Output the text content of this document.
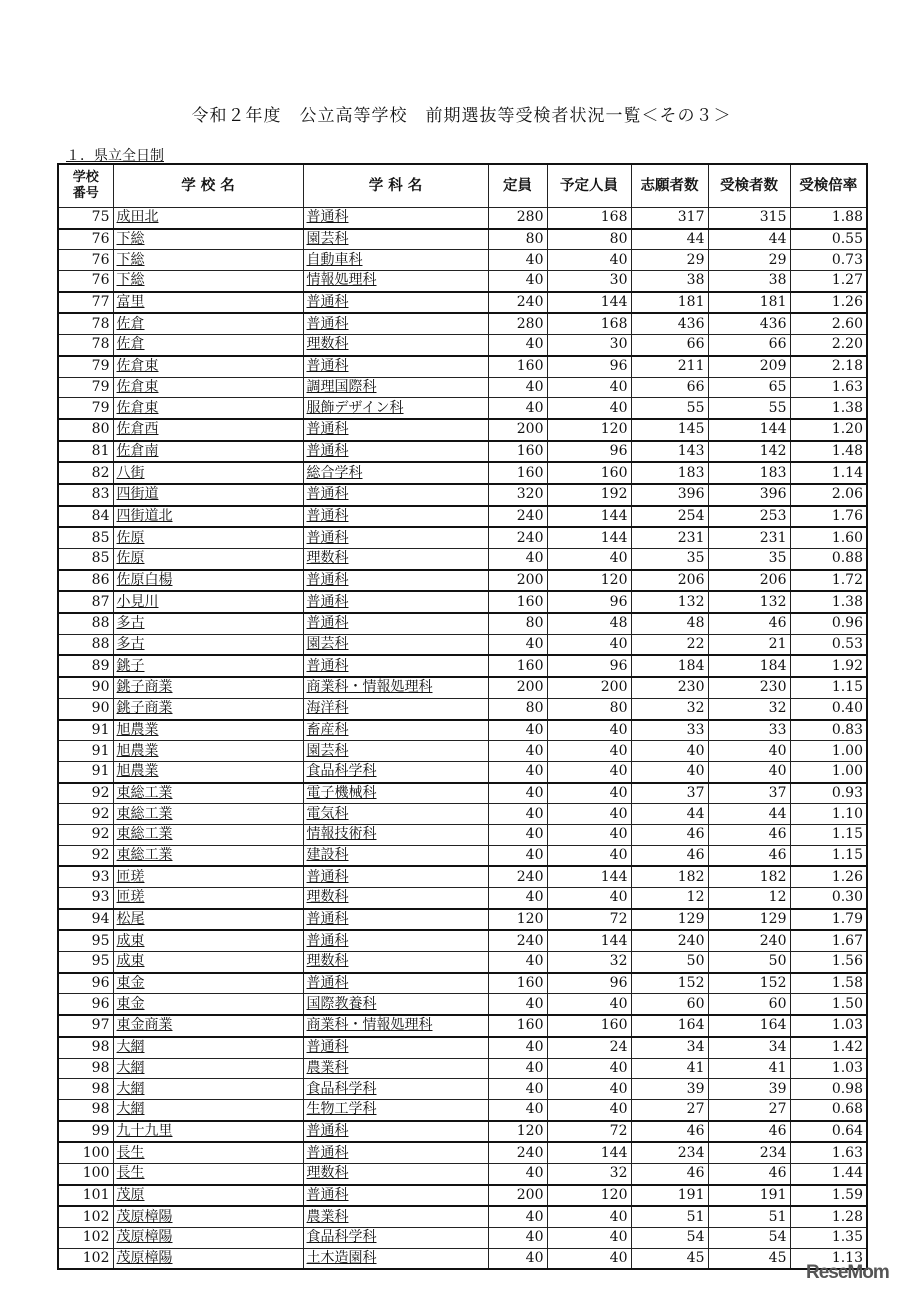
令和２年度　公立高等学校　前期選抜等受検者状況一覧＜その３＞
１．県立全日制
学校
番号	学 校 名	学 科 名	定員	予定人員	志願者数	受検者数	受検倍率
75	成田北	普通科	280	168	317	315	1.88
76	下総	園芸科	80	80	44	44	0.55
76	下総	自動車科	40	40	29	29	0.73
76	下総	情報処理科	40	30	38	38	1.27
77	富里	普通科	240	144	181	181	1.26
78	佐倉	普通科	280	168	436	436	2.60
78	佐倉	理数科	40	30	66	66	2.20
79	佐倉東	普通科	160	96	211	209	2.18
79	佐倉東	調理国際科	40	40	66	65	1.63
79	佐倉東	服飾デザイン科	40	40	55	55	1.38
80	佐倉西	普通科	200	120	145	144	1.20
81	佐倉南	普通科	160	96	143	142	1.48
82	八街	総合学科	160	160	183	183	1.14
83	四街道	普通科	320	192	396	396	2.06
84	四街道北	普通科	240	144	254	253	1.76
85	佐原	普通科	240	144	231	231	1.60
85	佐原	理数科	40	40	35	35	0.88
86	佐原白楊	普通科	200	120	206	206	1.72
87	小見川	普通科	160	96	132	132	1.38
88	多古	普通科	80	48	48	46	0.96
88	多古	園芸科	40	40	22	21	0.53
89	銚子	普通科	160	96	184	184	1.92
90	銚子商業	商業科・情報処理科	200	200	230	230	1.15
90	銚子商業	海洋科	80	80	32	32	0.40
91	旭農業	畜産科	40	40	33	33	0.83
91	旭農業	園芸科	40	40	40	40	1.00
91	旭農業	食品科学科	40	40	40	40	1.00
92	東総工業	電子機械科	40	40	37	37	0.93
92	東総工業	電気科	40	40	44	44	1.10
92	東総工業	情報技術科	40	40	46	46	1.15
92	東総工業	建設科	40	40	46	46	1.15
93	匝瑳	普通科	240	144	182	182	1.26
93	匝瑳	理数科	40	40	12	12	0.30
94	松尾	普通科	120	72	129	129	1.79
95	成東	普通科	240	144	240	240	1.67
95	成東	理数科	40	32	50	50	1.56
96	東金	普通科	160	96	152	152	1.58
96	東金	国際教養科	40	40	60	60	1.50
97	東金商業	商業科・情報処理科	160	160	164	164	1.03
98	大網	普通科	40	24	34	34	1.42
98	大網	農業科	40	40	41	41	1.03
98	大網	食品科学科	40	40	39	39	0.98
98	大網	生物工学科	40	40	27	27	0.68
99	九十九里	普通科	120	72	46	46	0.64
100	長生	普通科	240	144	234	234	1.63
100	長生	理数科	40	32	46	46	1.44
101	茂原	普通科	200	120	191	191	1.59
102	茂原樟陽	農業科	40	40	51	51	1.28
102	茂原樟陽	食品科学科	40	40	54	54	1.35
102	茂原樟陽	土木造園科	40	40	45	45	1.13
ReseMom
